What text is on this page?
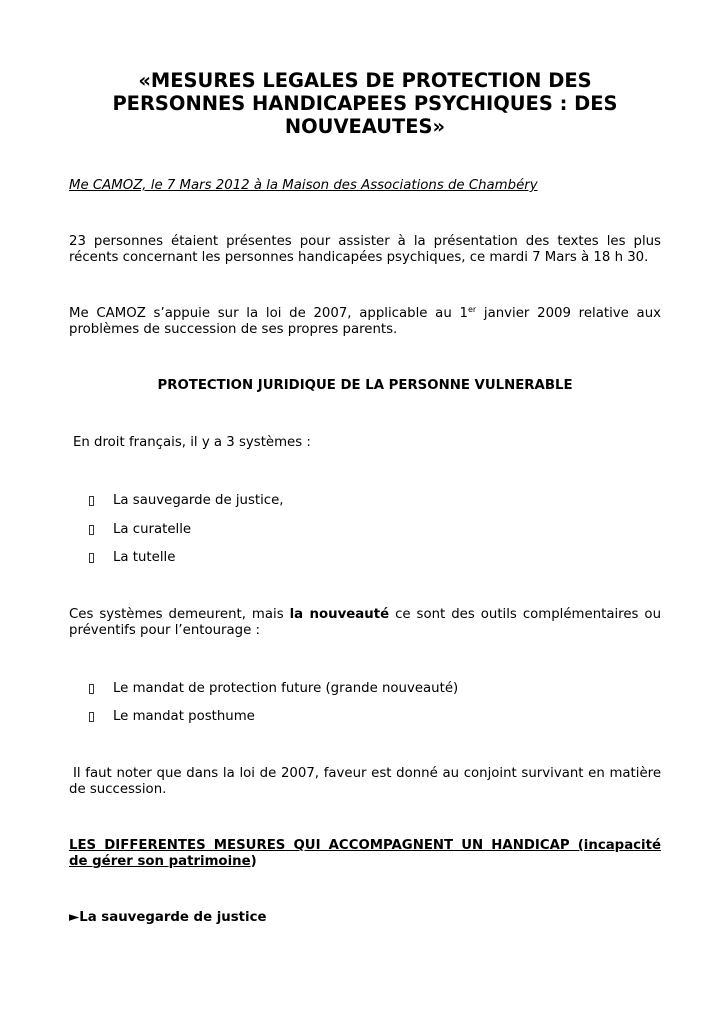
«MESURES LEGALES DE PROTECTION DES
PERSONNES HANDICAPEES PSYCHIQUES : DES
NOUVEAUTES»
Me CAMOZ, le 7 Mars 2012 à la Maison des Associations de Chambéry
23 personnes étaient présentes pour assister à la présentation des textes les plus
récents concernant les personnes handicapées psychiques, ce mardi 7 Mars à 18 h 30.
Me CAMOZ s’appuie sur la loi de 2007, applicable au 1er janvier 2009 relative aux
problèmes de succession de ses propres parents.
PROTECTION JURIDIQUE DE LA PERSONNE VULNERABLE
En droit français, il y a 3 systèmes :
La sauvegarde de justice,
La curatelle
La tutelle
Ces systèmes demeurent, mais la nouveauté ce sont des outils complémentaires ou
préventifs pour l’entourage :
Le mandat de protection future (grande nouveauté)
Le mandat posthume
Il faut noter que dans la loi de 2007, faveur est donné au conjoint survivant en matière
de succession.
LES DIFFERENTES MESURES QUI ACCOMPAGNENT UN HANDICAP (incapacité
de gérer son patrimoine)
►La sauvegarde de justice
